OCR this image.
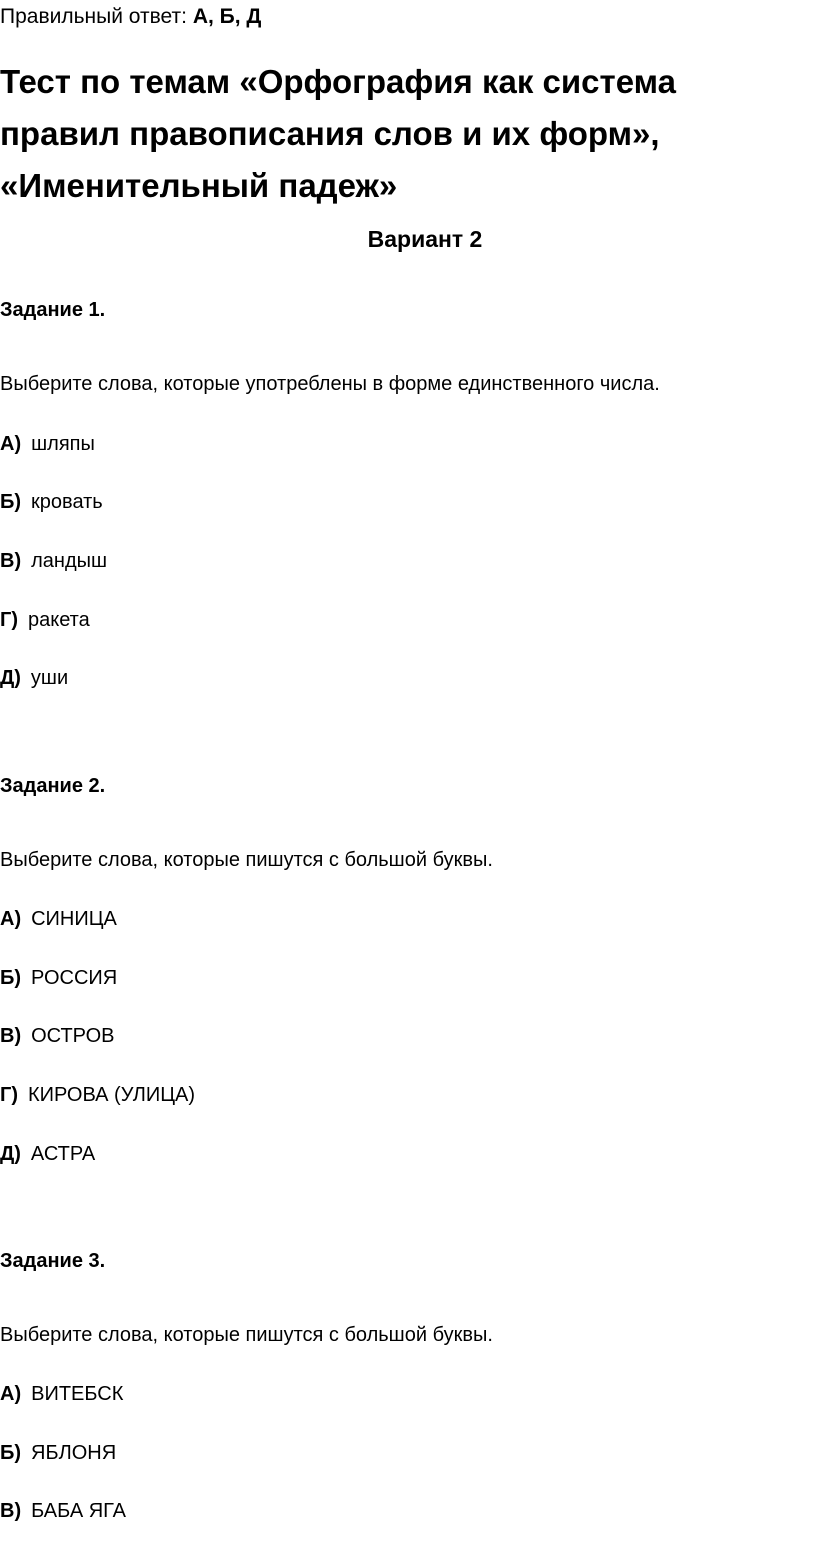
Правильный ответ: А, Б, Д
Тест по темам «Орфография как система правил правописания слов и их форм», «Именительный падеж»
Вариант 2
Задание 1.
Выберите слова, которые употреблены в форме единственного числа.
А) шляпы
Б) кровать
В) ландыш
Г) ракета
Д) уши
Задание 2.
Выберите слова, которые пишутся с большой буквы.
А) СИНИЦА
Б) РОССИЯ
В) ОСТРОВ
Г) КИРОВА (УЛИЦА)
Д) АСТРА
Задание 3.
Выберите слова, которые пишутся с большой буквы.
А) ВИТЕБСК
Б) ЯБЛОНЯ
В) БАБА ЯГА
